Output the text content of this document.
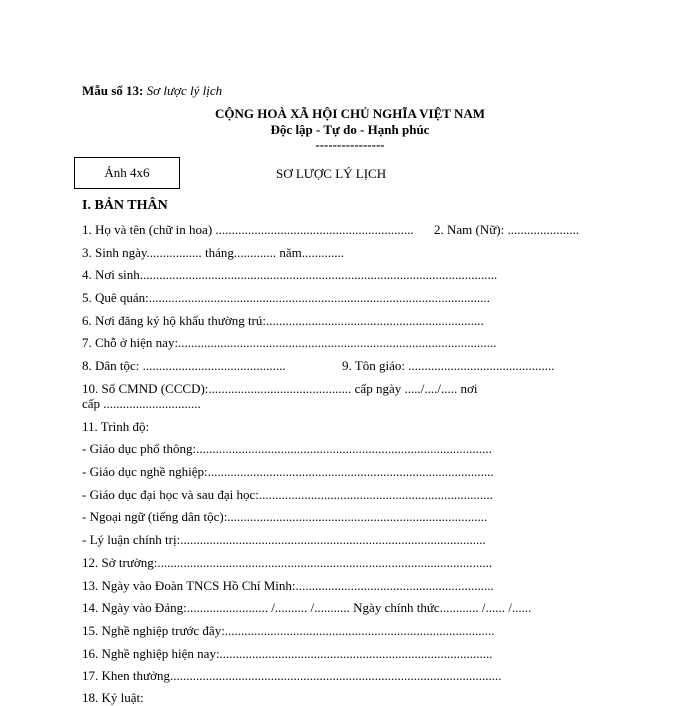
Mẫu số 13: Sơ lược lý lịch
CỘNG HOÀ XÃ HỘI CHỦ NGHĨA VIỆT NAM
Độc lập - Tự do - Hạnh phúc
----------------
Ảnh 4x6	SƠ LƯỢC LÝ LỊCH
I. BẢN THÂN
1. Họ và tên (chữ in hoa) ............................................................. 2. Nam (Nữ): ......................
3. Sinh ngày................. tháng............. năm.............
4. Nơi sinh..............................................................................................................
5. Quê quán:.........................................................................................................
6. Nơi đăng ký hộ khẩu thường trú:...................................................................
7. Chỗ ở hiện nay:..................................................................................................
8. Dân tộc: ............................................	9. Tôn giáo: .............................................
10. Số CMND (CCCD):............................................ cấp ngày ...../..../..... nơi
cấp ..............................
11. Trình độ:
- Giáo dục phổ thông:...........................................................................................
- Giáo dục nghề nghiệp:........................................................................................
- Giáo dục đại học và sau đại học:........................................................................
- Ngoại ngữ (tiếng dân tộc):................................................................................
- Lý luận chính trị:..............................................................................................
12. Sở trường:.......................................................................................................
13. Ngày vào Đoàn TNCS Hồ Chí Minh:.............................................................
14. Ngày vào Đảng:......................... /.......... /........... Ngày chính thức............ /...... /......
15. Nghề nghiệp trước đây:...................................................................................
16. Nghề nghiệp hiện nay:....................................................................................
17. Khen thưởng......................................................................................................
18. Kỷ luật:
